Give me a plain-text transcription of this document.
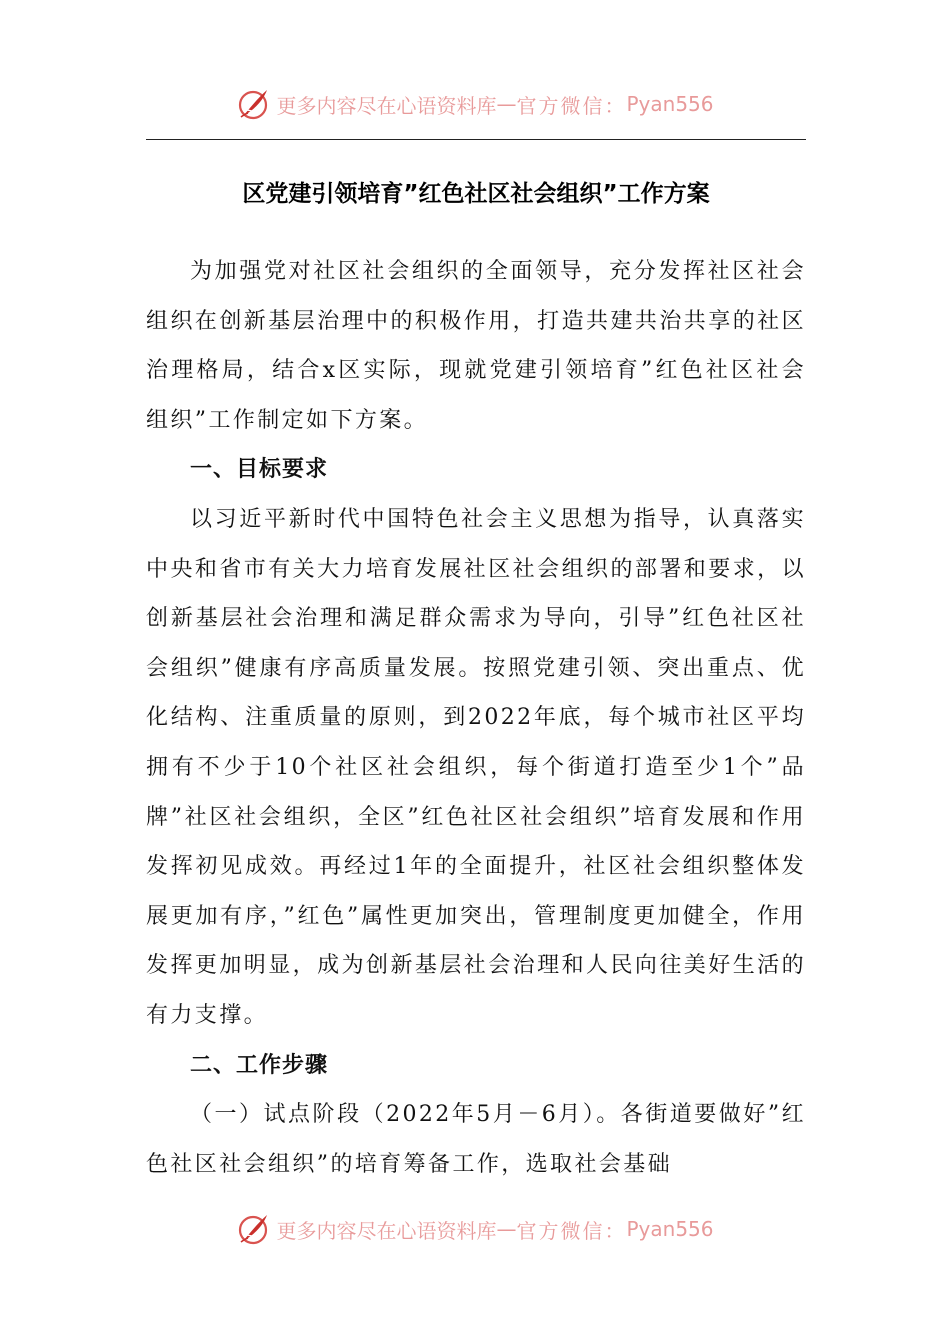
更多内容尽在心语资料库 — 官方微信： Pyan556
区党建引领培育”红色社区社会组织”工作方案

为加强党对社区社会组织的全面领导，充分发挥社区社会组织在创新基层治理中的积极作用，打造共建共治共享的社区治理格局，结合x区实际，现就党建引领培育”红色社区社会组织”工作制定如下方案。

一、目标要求

以习近平新时代中国特色社会主义思想为指导，认真落实中央和省市有关大力培育发展社区社会组织的部署和要求，以创新基层社会治理和满足群众需求为导向，引导”红色社区社会组织”健康有序高质量发展。按照党建引领、突出重点、优化结构、注重质量的原则，到2022年底，每个城市社区平均拥有不少于10个社区社会组织，每个街道打造至少1个”品牌”社区社会组织，全区”红色社区社会组织”培育发展和作用发挥初见成效。再经过1年的全面提升，社区社会组织整体发展更加有序，”红色”属性更加突出，管理制度更加健全，作用发挥更加明显，成为创新基层社会治理和人民向往美好生活的有力支撑。

二、工作步骤

（一）试点阶段（2022年5月－6月）。各街道要做好”红色社区社会组织”的培育筹备工作，选取社会基础

更多内容尽在心语资料库 — 官方微信： Pyan556
